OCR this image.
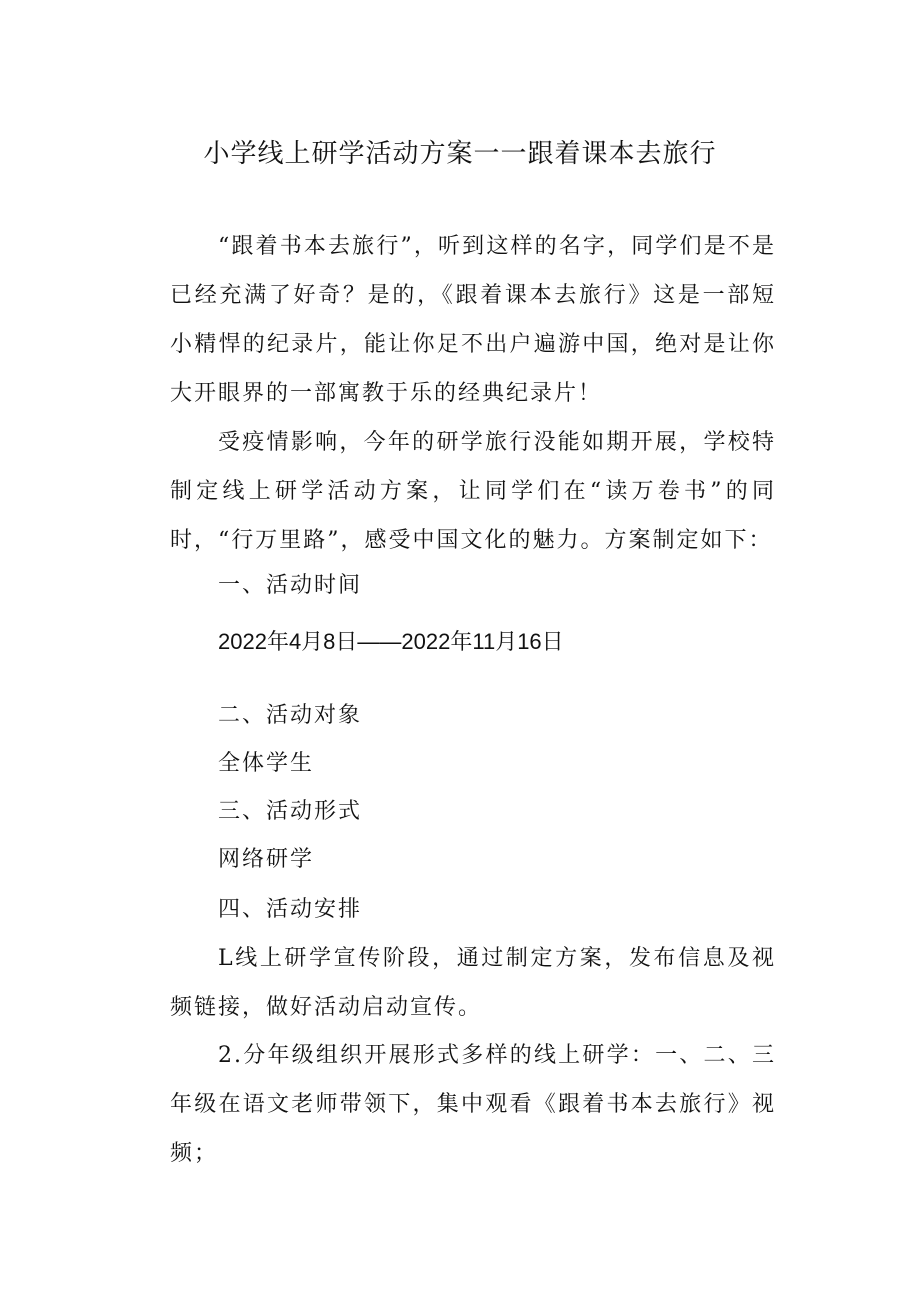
小学线上研学活动方案一一跟着课本去旅行

“跟着书本去旅行”，听到这样的名字，同学们是不是已经充满了好奇？是的，《跟着课本去旅行》这是一部短小精悍的纪录片，能让你足不出户遍游中国，绝对是让你大开眼界的一部寓教于乐的经典纪录片！

受疫情影响，今年的研学旅行没能如期开展，学校特制定线上研学活动方案，让同学们在“读万卷书”的同时，“行万里路”，感受中国文化的魅力。方案制定如下：

一、活动时间

2022年4月8日——2022年11月16日

二、活动对象

全体学生

三、活动形式

网络研学

四、活动安排

L线上研学宣传阶段，通过制定方案，发布信息及视频链接，做好活动启动宣传。

2.分年级组织开展形式多样的线上研学：一、二、三年级在语文老师带领下，集中观看《跟着书本去旅行》视频；
